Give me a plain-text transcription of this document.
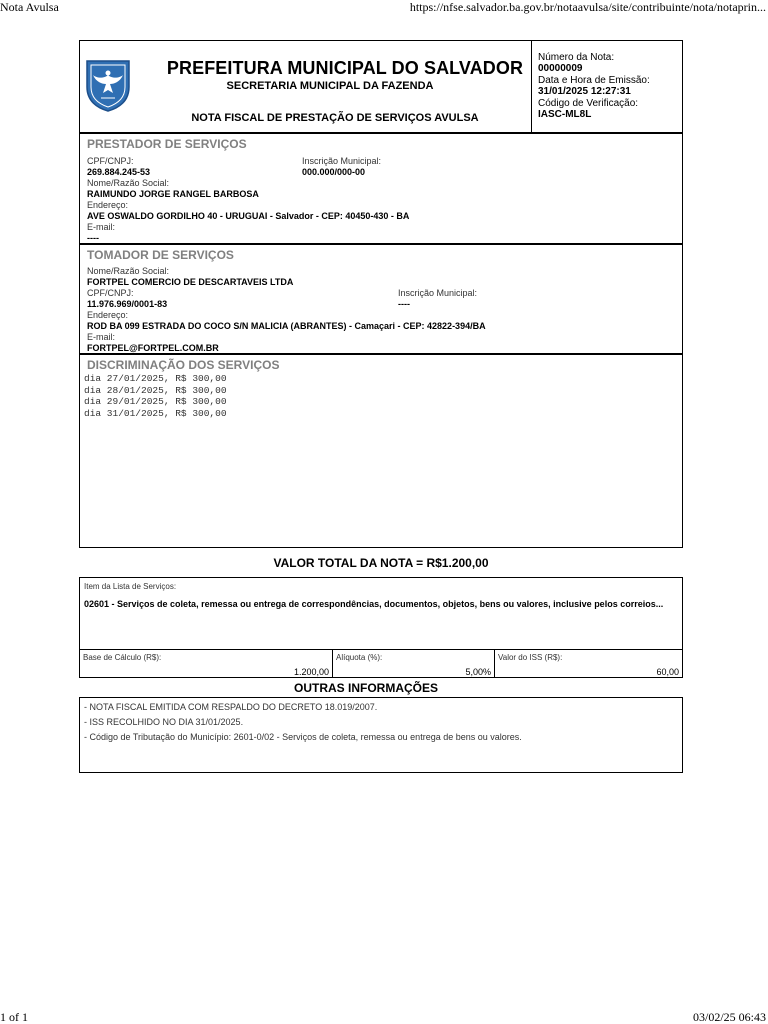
Nota Avulsa	https://nfse.salvador.ba.gov.br/notaavulsa/site/contribuinte/nota/notaprin...
1 of 1	03/02/25 06:43
PREFEITURA MUNICIPAL DO SALVADOR
SECRETARIA MUNICIPAL DA FAZENDA
NOTA FISCAL DE PRESTAÇÃO DE SERVIÇOS AVULSA
Número da Nota:
00000009
Data e Hora de Emissão:
31/01/2025 12:27:31
Código de Verificação:
IASC-ML8L
PRESTADOR DE SERVIÇOS
CPF/CNPJ:
269.884.245-53
Inscrição Municipal:
000.000/000-00
Nome/Razão Social:
RAIMUNDO JORGE RANGEL BARBOSA
Endereço:
AVE OSWALDO GORDILHO 40 - URUGUAI - Salvador - CEP: 40450-430 - BA
E-mail:
----
TOMADOR DE SERVIÇOS
Nome/Razão Social:
FORTPEL COMERCIO DE DESCARTAVEIS LTDA
CPF/CNPJ:
11.976.969/0001-83
Inscrição Municipal:
----
Endereço:
ROD BA 099 ESTRADA DO COCO S/N MALICIA (ABRANTES) - Camaçari - CEP: 42822-394/BA
E-mail:
FORTPEL@FORTPEL.COM.BR
DISCRIMINAÇÃO DOS SERVIÇOS
dia 27/01/2025, R$ 300,00
dia 28/01/2025, R$ 300,00
dia 29/01/2025, R$ 300,00
dia 31/01/2025, R$ 300,00
VALOR TOTAL DA NOTA = R$1.200,00
Item da Lista de Serviços:
02601 - Serviços de coleta, remessa ou entrega de correspondências, documentos, objetos, bens ou valores, inclusive pelos correios...
Base de Cálculo (R$):
1.200,00
Alíquota (%):
5,00%
Valor do ISS (R$):
60,00
OUTRAS INFORMAÇÕES
- NOTA FISCAL EMITIDA COM RESPALDO DO DECRETO 18.019/2007.
- ISS RECOLHIDO NO DIA 31/01/2025.
- Código de Tributação do Município: 2601-0/02 - Serviços de coleta, remessa ou entrega de bens ou valores.
